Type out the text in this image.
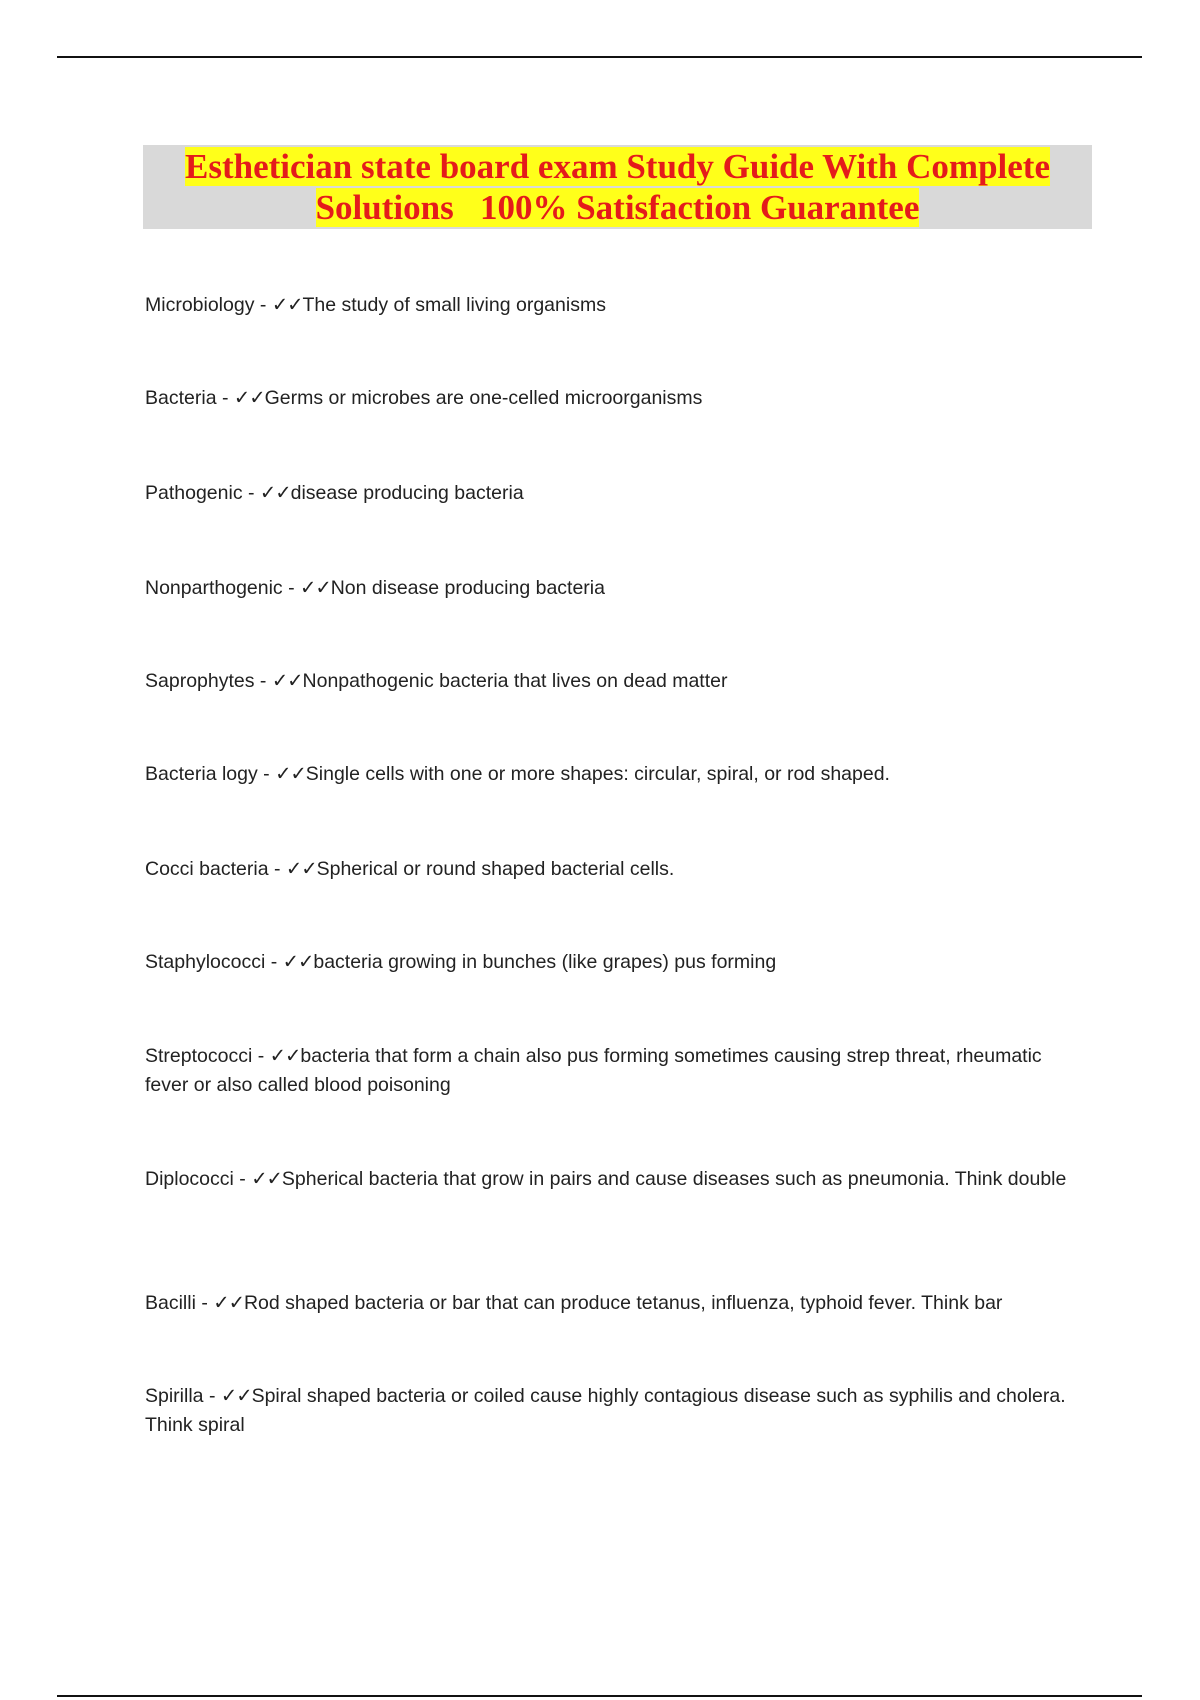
Esthetician state board exam Study Guide With Complete
Solutions   100% Satisfaction Guarantee
Microbiology - ✓✓The study of small living organisms
Bacteria - ✓✓Germs or microbes are one-celled microorganisms
Pathogenic - ✓✓disease producing bacteria
Nonparthogenic - ✓✓Non disease producing bacteria
Saprophytes - ✓✓Nonpathogenic bacteria that lives on dead matter
Bacteria logy - ✓✓Single cells with one or more shapes: circular, spiral, or rod shaped.
Cocci bacteria - ✓✓Spherical or round shaped bacterial cells.
Staphylococci - ✓✓bacteria growing in bunches (like grapes) pus forming
Streptococci - ✓✓bacteria that form a chain also pus forming sometimes causing strep threat, rheumatic fever or also called blood poisoning
Diplococci - ✓✓Spherical bacteria that grow in pairs and cause diseases such as pneumonia. Think double
Bacilli - ✓✓Rod shaped bacteria or bar that can produce tetanus, influenza, typhoid fever. Think bar
Spirilla - ✓✓Spiral shaped bacteria or coiled cause highly contagious disease such as syphilis and cholera. Think spiral
